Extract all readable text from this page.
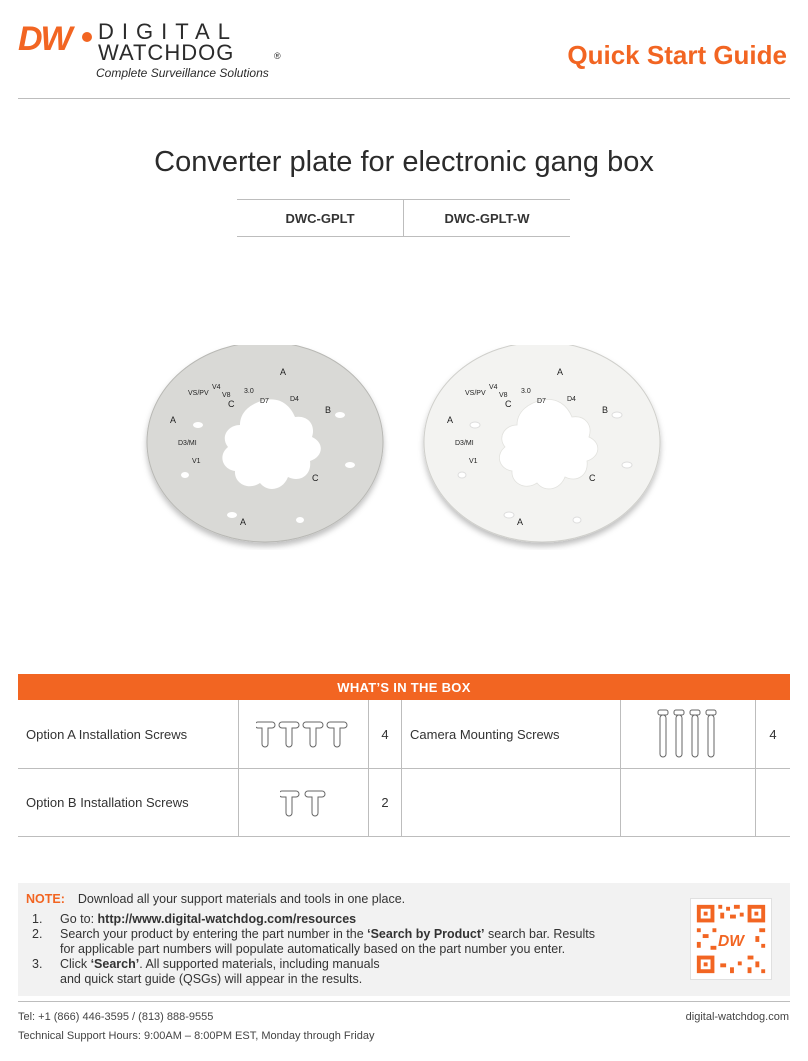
DW DIGITAL
WATCHDOG	®
Complete Surveillance Solutions
Quick Start Guide
Converter plate for electronic gang box
DWC-GPLT	DWC-GPLT-W
A
VS/PV
V4
V8
D3/MI
V1
B
C
3.0
D7	D4
A
A
C
A
VS/PV
V4
V8
D3/MI
V1
B
C
3.0
D7	D4
A
A
C
WHAT’S IN THE BOX
Option A Installation Screws	4	Camera Mounting Screws	4
Option B Installation Screws	2
NOTE: Download all your support materials and tools in one place.
1. Go to: http://www.digital-watchdog.com/resources
2. Search your product by entering the part number in the ‘Search by Product’ search bar. Results
for applicable part numbers will populate automatically based on the part number you enter.
3. Click ‘Search’. All supported materials, including manuals
and quick start guide (QSGs) will appear in the results.
DW
Tel: +1 (866) 446-3595 / (813) 888-9555	digital-watchdog.com
Technical Support Hours: 9:00AM – 8:00PM EST, Monday through Friday
